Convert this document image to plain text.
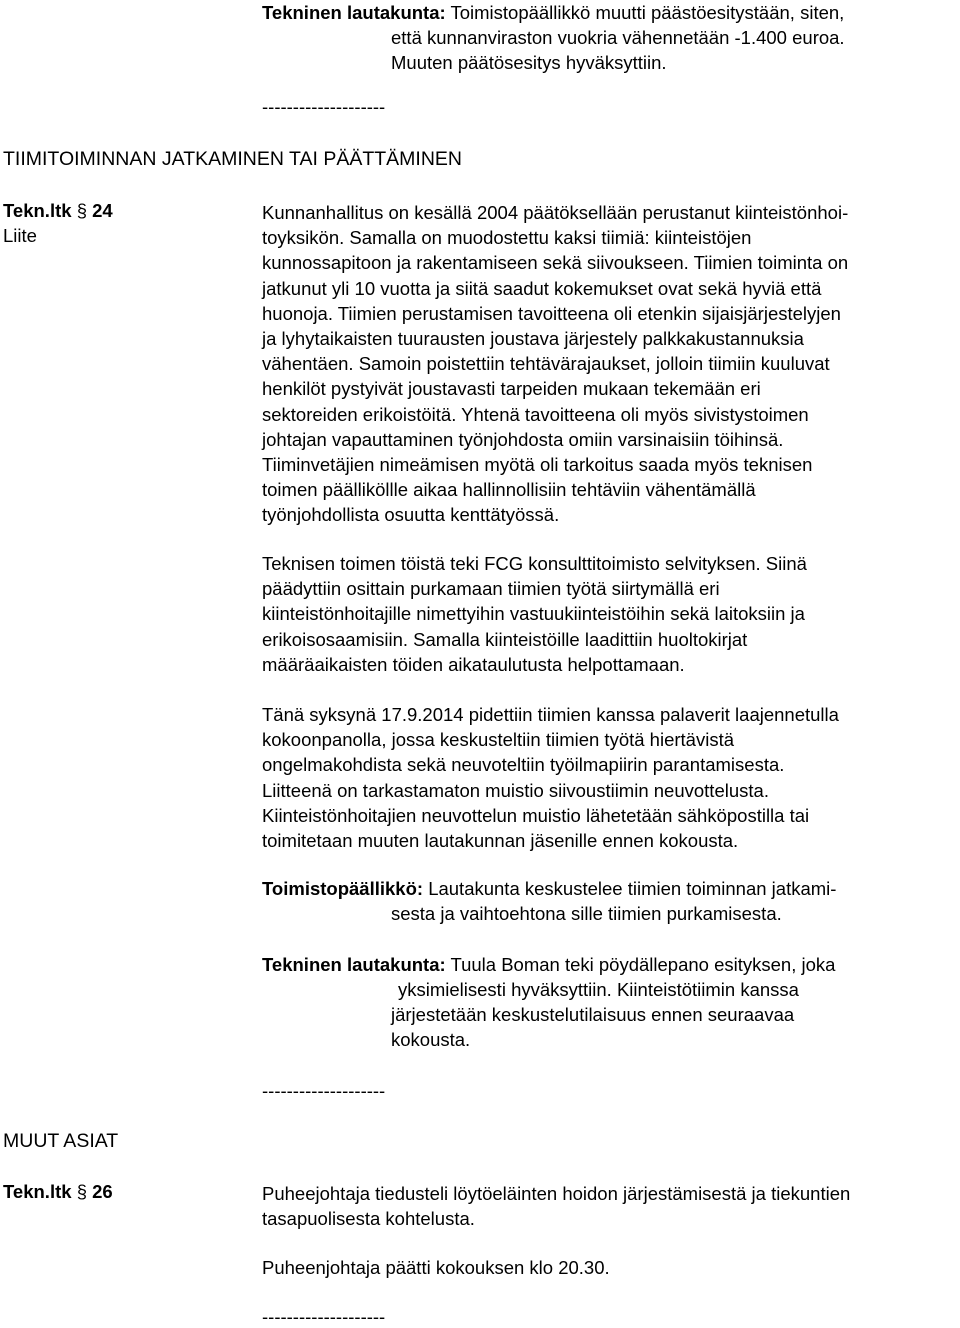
Tekninen lautakunta: Toimistopäällikkö muutti päästöesitystään, siten,
että kunnanviraston vuokria vähennetään -1.400 euroa.
Muuten päätösesitys hyväksyttiin.
--------------------
TIIMITOIMINNAN JATKAMINEN TAI PÄÄTTÄMINEN
Tekn.ltk § 24
Liite
Kunnanhallitus on kesällä 2004 päätöksellään perustanut kiinteistönhoi-
toyksikön. Samalla on muodostettu kaksi tiimiä: kiinteistöjen
kunnossapitoon ja rakentamiseen sekä siivoukseen. Tiimien toiminta on
jatkunut yli 10 vuotta ja siitä saadut kokemukset ovat sekä hyviä että
huonoja. Tiimien perustamisen tavoitteena oli etenkin sijaisjärjestelyjen
ja lyhytaikaisten tuurausten joustava järjestely palkkakustannuksia
vähentäen. Samoin poistettiin tehtävärajaukset, jolloin tiimiin kuuluvat
henkilöt pystyivät joustavasti tarpeiden mukaan tekemään eri
sektoreiden erikoistöitä. Yhtenä tavoitteena oli myös sivistystoimen
johtajan vapauttaminen työnjohdosta omiin varsinaisiin töihinsä.
Tiiminvetäjien nimeämisen myötä oli tarkoitus saada myös teknisen
toimen päälliköllle aikaa hallinnollisiin tehtäviin vähentämällä
työnjohdollista osuutta kenttätyössä.
Teknisen toimen töistä teki FCG konsulttitoimisto selvityksen. Siinä
päädyttiin osittain purkamaan tiimien työtä siirtymällä eri
kiinteistönhoitajille nimettyihin vastuukiinteistöihin sekä laitoksiin ja
erikoisosaamisiin. Samalla kiinteistöille laadittiin huoltokirjat
määräaikaisten töiden aikataulutusta helpottamaan.
Tänä syksynä 17.9.2014 pidettiin tiimien kanssa palaverit laajennetulla
kokoonpanolla, jossa keskusteltiin tiimien työtä hiertävistä
ongelmakohdista sekä neuvoteltiin työilmapiirin parantamisesta.
Liitteenä on tarkastamaton muistio siivoustiimin neuvottelusta.
Kiinteistönhoitajien neuvottelun muistio lähetetään sähköpostilla tai
toimitetaan muuten lautakunnan jäsenille ennen kokousta.
Toimistopäällikkö: Lautakunta keskustelee tiimien toiminnan jatkami-
sesta ja vaihtoehtona sille tiimien purkamisesta.
Tekninen lautakunta: Tuula Boman teki pöydällepano esityksen, joka
yksimielisesti hyväksyttiin. Kiinteistötiimin kanssa
järjestetään keskustelutilaisuus ennen seuraavaa
kokousta.
--------------------
MUUT ASIAT
Tekn.ltk § 26	Puheejohtaja tiedusteli löytöeläinten hoidon järjestämisestä ja tiekuntien
tasapuolisesta kohtelusta.
Puheenjohtaja päätti kokouksen klo 20.30.
--------------------
